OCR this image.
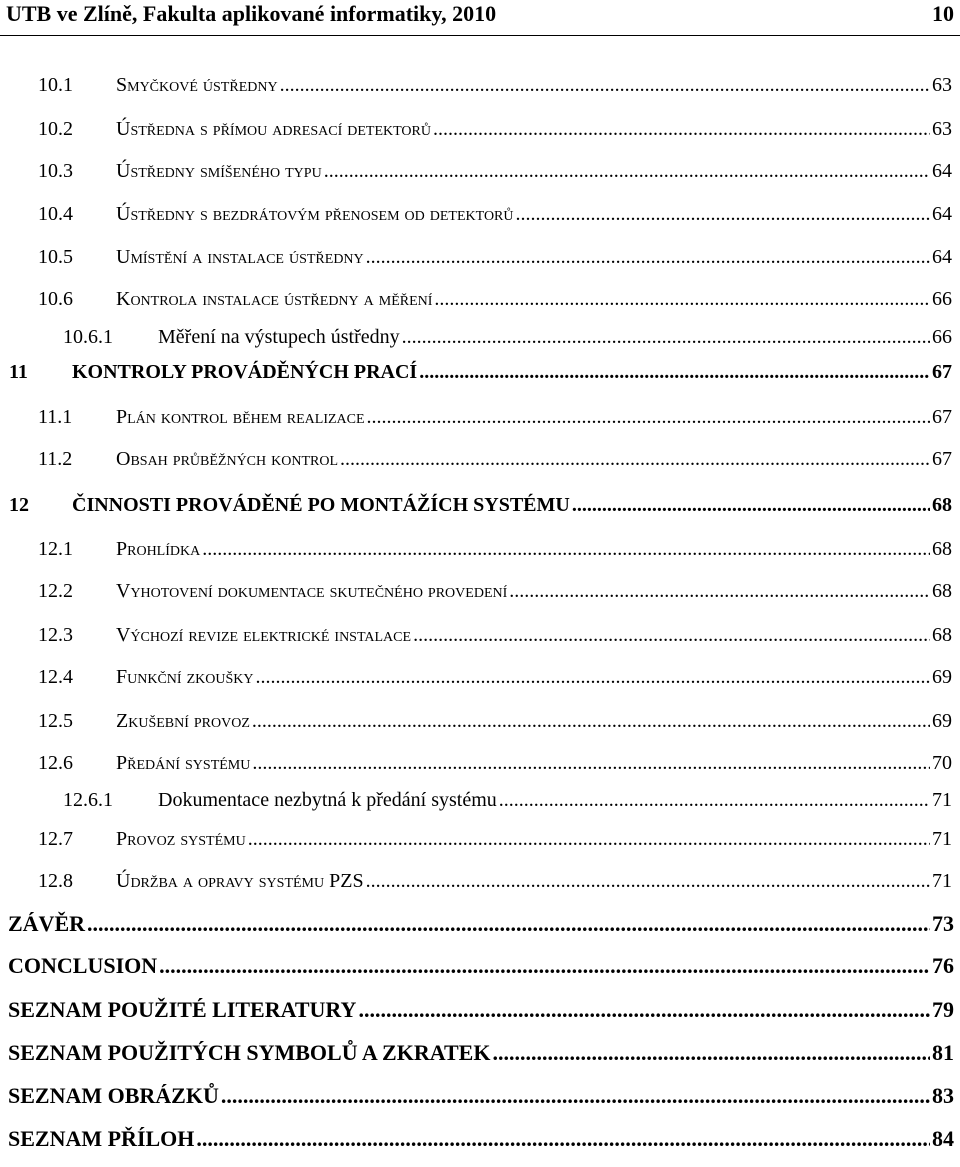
UTB ve Zlíně, Fakulta aplikované informatiky, 2010	10
10.1	Smyčkové ústředny .....	63
10.2	Ústředna s přímou adresací detektorů .....	63
10.3	Ústředny smíšeného typu .....	64
10.4	Ústředny s bezdrátovým přenosem od detektorů .....	64
10.5	Umístění a instalace ústředny .....	64
10.6	Kontrola instalace ústředny a měření .....	66
10.6.1	Měření na výstupech ústředny .....	66
11	KONTROLY PROVÁDĚNÝCH PRACÍ .....	67
11.1	Plán kontrol během realizace .....	67
11.2	Obsah průběžných kontrol .....	67
12	ČINNOSTI PROVÁDĚNÉ PO MONTÁŽÍCH SYSTÉMU .....	68
12.1	Prohlídka .....	68
12.2	Vyhotovení dokumentace skutečného provedení .....	68
12.3	Výchozí revize elektrické instalace .....	68
12.4	Funkční zkoušky .....	69
12.5	Zkušební provoz .....	69
12.6	Předání systému .....	70
12.6.1	Dokumentace nezbytná k předání systému .....	71
12.7	Provoz systému .....	71
12.8	Údržba a opravy systému PZS .....	71
ZÁVĚR .....	73
CONCLUSION .....	76
SEZNAM POUŽITÉ LITERATURY .....	79
SEZNAM POUŽITÝCH SYMBOLŮ A ZKRATEK .....	81
SEZNAM OBRÁZKŮ .....	83
SEZNAM PŘÍLOH .....	84
